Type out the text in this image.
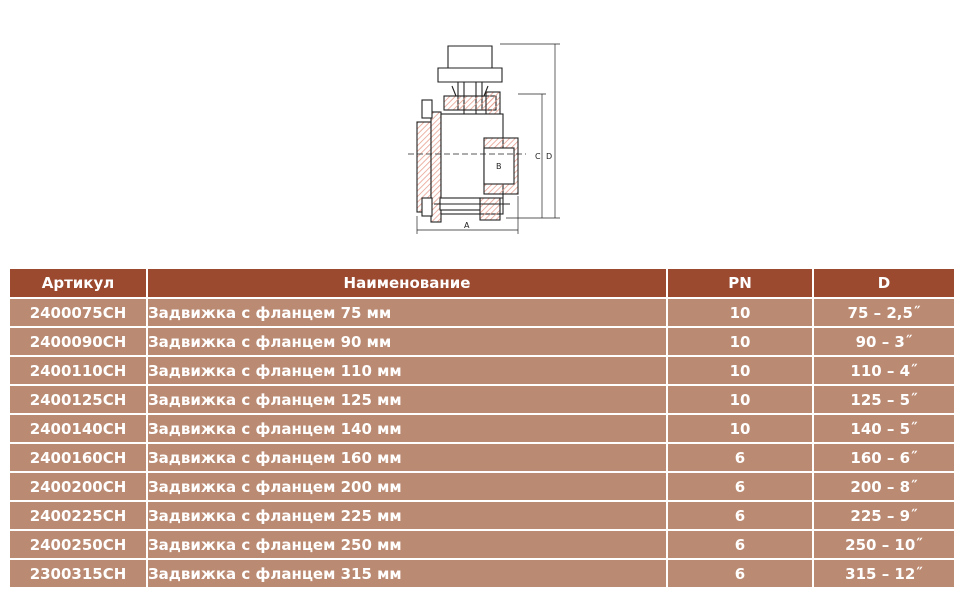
A
B
C D
Артикул	Наименование	PN	D
2400075CH	Задвижка с фланцем 75 мм	10	75 – 2,5˝
2400090CH	Задвижка с фланцем 90 мм	10	90 – 3˝
2400110CH	Задвижка с фланцем 110 мм	10	110 – 4˝
2400125CH	Задвижка с фланцем 125 мм	10	125 – 5˝
2400140CH	Задвижка с фланцем 140 мм	10	140 – 5˝
2400160CH	Задвижка с фланцем 160 мм	6	160 – 6˝
2400200CH	Задвижка с фланцем 200 мм	6	200 – 8˝
2400225CH	Задвижка с фланцем 225 мм	6	225 – 9˝
2400250CH	Задвижка с фланцем 250 мм	6	250 – 10˝
2300315CH	Задвижка с фланцем 315 мм	6	315 – 12˝
